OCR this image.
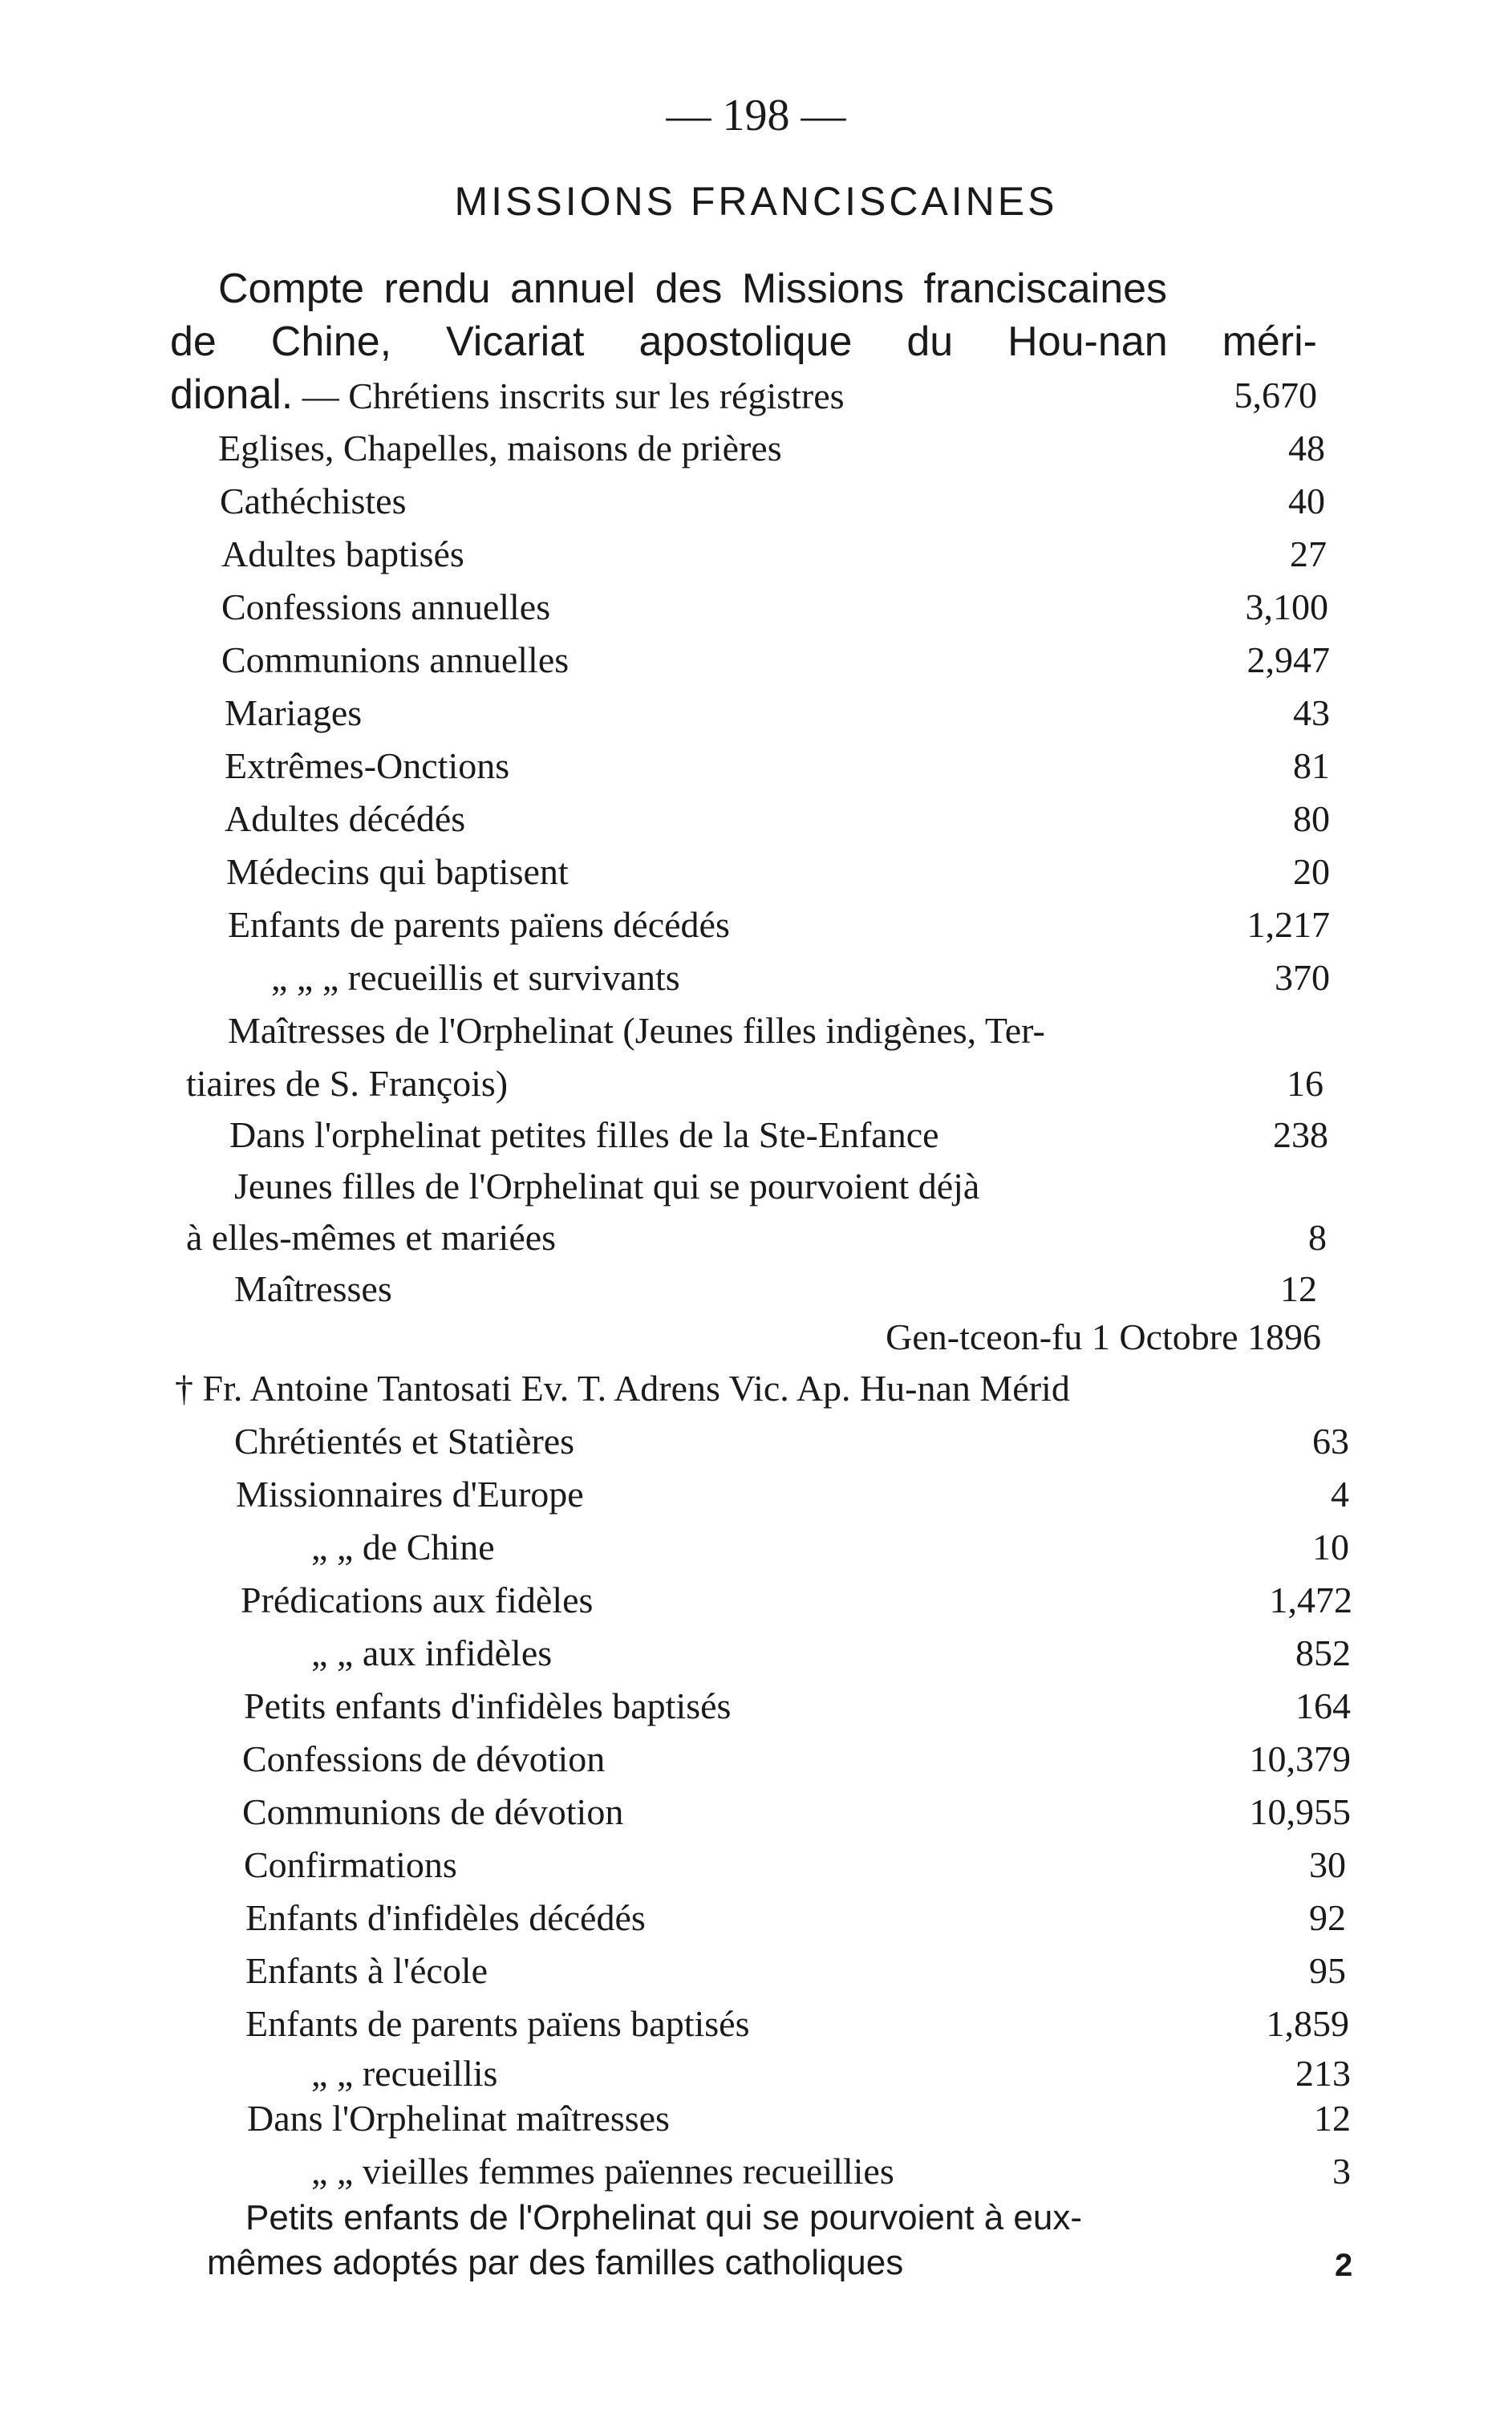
— 198 —
MISSIONS FRANCISCAINES
Compte rendu annuel des Missions franciscaines
de Chine, Vicariat apostolique du Hou-nan méri-
dional. — Chrétiens inscrits sur les régistres	5,670
Eglises, Chapelles, maisons de prières	48
Cathéchistes	40
Adultes baptisés	27
Confessions annuelles	3,100
Communions annuelles	2,947
Mariages	43
Extrêmes-Onctions	81
Adultes décédés	80
Médecins qui baptisent	20
Enfants de parents païens décédés	1,217
„ „ „ recueillis et survivants	370
Maîtresses de l'Orphelinat (Jeunes filles indigènes, Ter-
tiaires de S. François)	16
Dans l'orphelinat petites filles de la Ste-Enfance	238
Jeunes filles de l'Orphelinat qui se pourvoient déjà
à elles-mêmes et mariées	8
Maîtresses	12
Gen-tceon-fu 1 Octobre 1896
† Fr. Antoine Tantosati Ev. T. Adrens Vic. Ap. Hu-nan Mérid
Chrétientés et Statières	63
Missionnaires d'Europe	4
„ „ de Chine	10
Prédications aux fidèles	1,472
„ „ aux infidèles	852
Petits enfants d'infidèles baptisés	164
Confessions de dévotion	10,379
Communions de dévotion	10,955
Confirmations	30
Enfants d'infidèles décédés	92
Enfants à l'école	95
Enfants de parents païens baptisés	1,859
„ „ recueillis	213
Dans l'Orphelinat maîtresses	12
„ „ vieilles femmes païennes recueillies	3
Petits enfants de l'Orphelinat qui se pourvoient à eux-
mêmes adoptés par des familles catholiques	2
